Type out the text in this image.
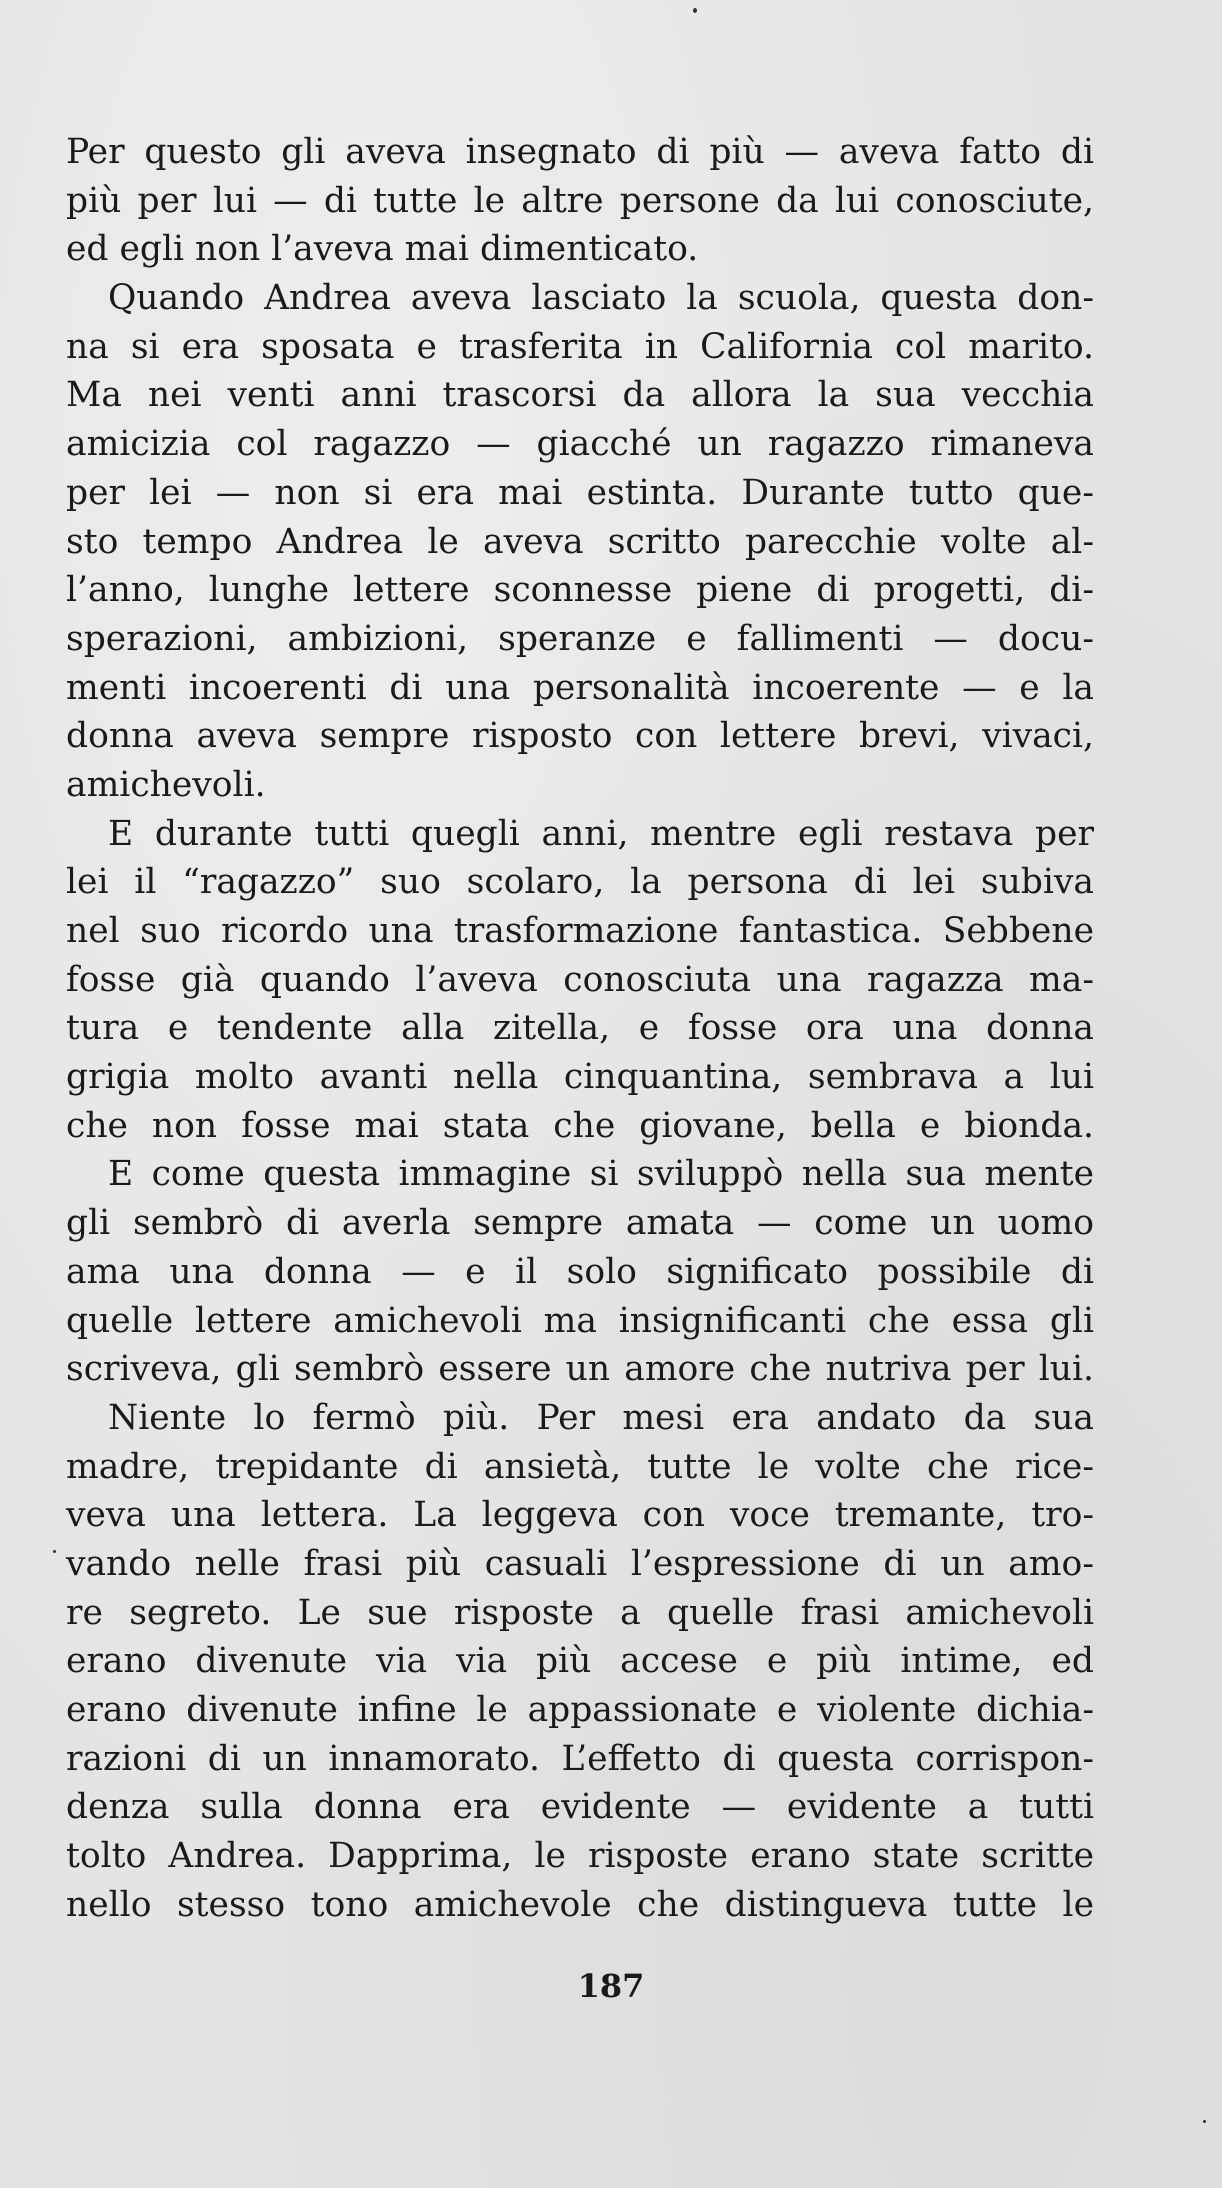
Per questo gli aveva insegnato di più — aveva fatto di
più per lui — di tutte le altre persone da lui conosciute,
ed egli non l’aveva mai dimenticato.
Quando Andrea aveva lasciato la scuola, questa don-
na si era sposata e trasferita in California col marito.
Ma nei venti anni trascorsi da allora la sua vecchia
amicizia col ragazzo — giacché un ragazzo rimaneva
per lei — non si era mai estinta. Durante tutto que-
sto tempo Andrea le aveva scritto parecchie volte al-
l’anno, lunghe lettere sconnesse piene di progetti, di-
sperazioni, ambizioni, speranze e fallimenti — docu-
menti incoerenti di una personalità incoerente — e la
donna aveva sempre risposto con lettere brevi, vivaci,
amichevoli.
E durante tutti quegli anni, mentre egli restava per
lei il “ragazzo” suo scolaro, la persona di lei subiva
nel suo ricordo una trasformazione fantastica. Sebbene
fosse già quando l’aveva conosciuta una ragazza ma-
tura e tendente alla zitella, e fosse ora una donna
grigia molto avanti nella cinquantina, sembrava a lui
che non fosse mai stata che giovane, bella e bionda.
E come questa immagine si sviluppò nella sua mente
gli sembrò di averla sempre amata — come un uomo
ama una donna — e il solo significato possibile di
quelle lettere amichevoli ma insignificanti che essa gli
scriveva, gli sembrò essere un amore che nutriva per lui.
Niente lo fermò più. Per mesi era andato da sua
madre, trepidante di ansietà, tutte le volte che rice-
veva una lettera. La leggeva con voce tremante, tro-
vando nelle frasi più casuali l’espressione di un amo-
re segreto. Le sue risposte a quelle frasi amichevoli
erano divenute via via più accese e più intime, ed
erano divenute infine le appassionate e violente dichia-
razioni di un innamorato. L’effetto di questa corrispon-
denza sulla donna era evidente — evidente a tutti
tolto Andrea. Dapprima, le risposte erano state scritte
nello stesso tono amichevole che distingueva tutte le
187
